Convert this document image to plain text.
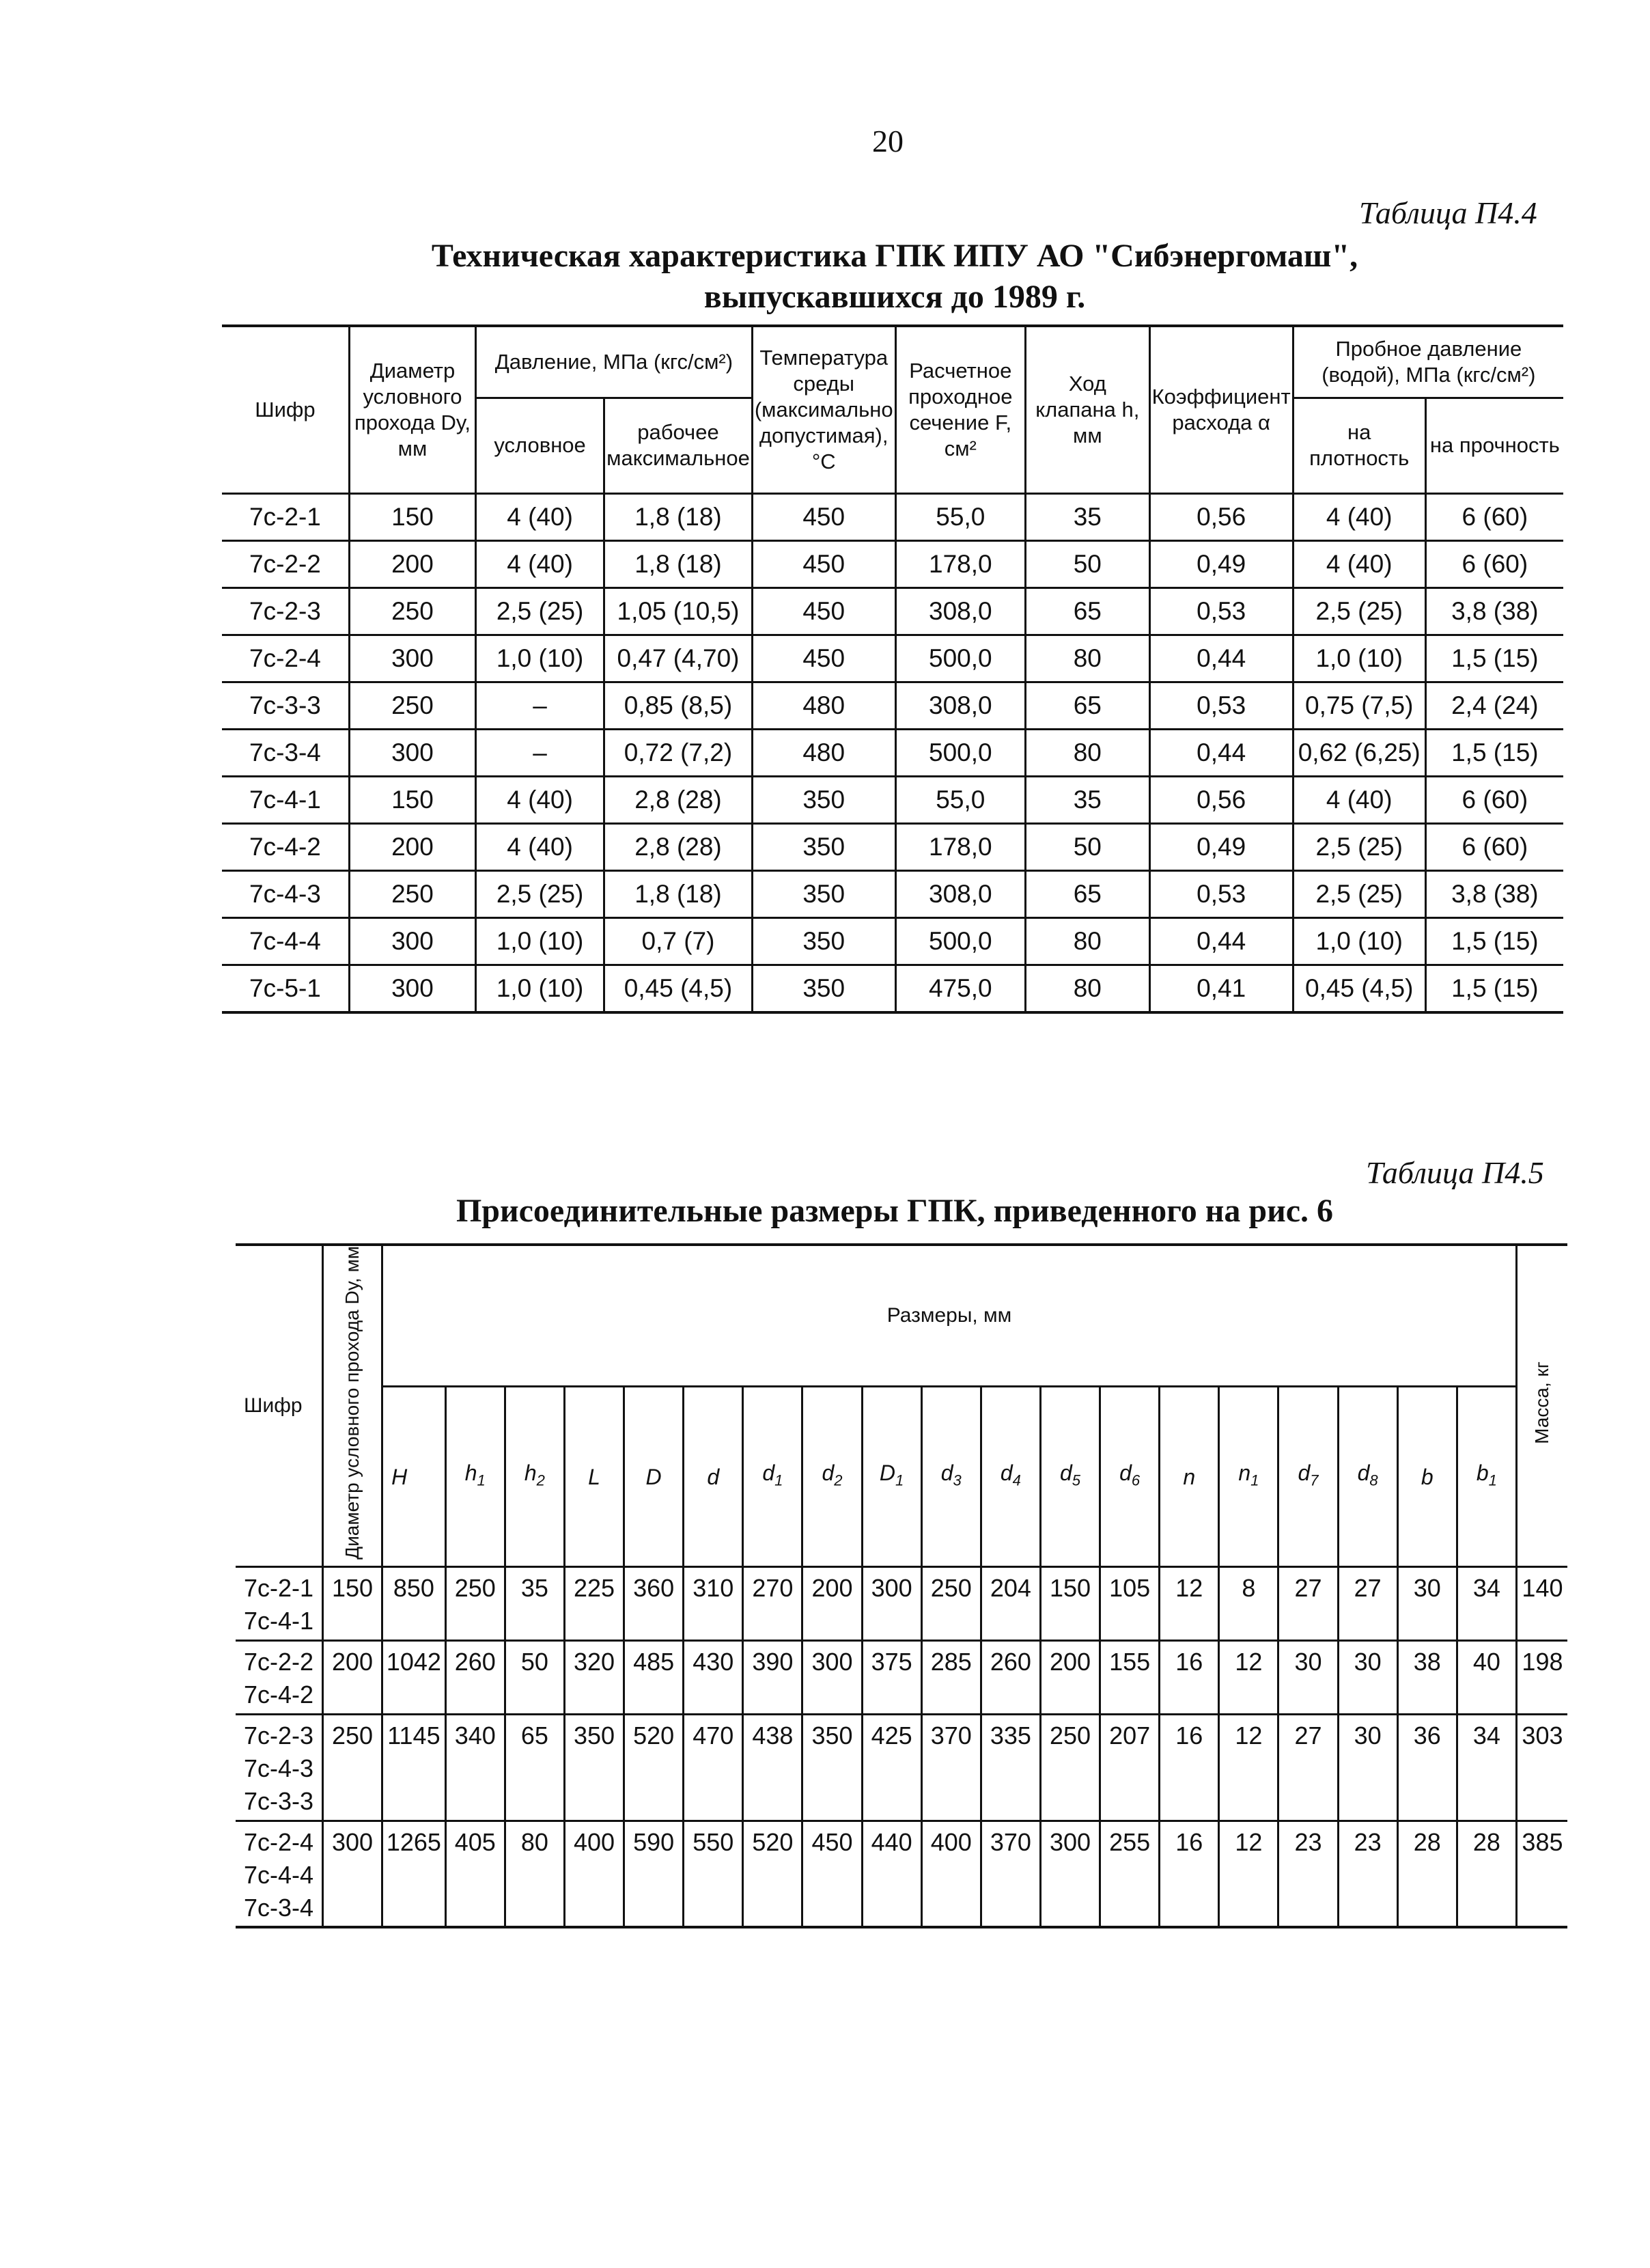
20
Таблица П4.4
Техническая характеристика ГПК ИПУ АО "Сибэнергомаш",
выпускавшихся до 1989 г.
Шифр	Диаметр условного прохода Dу, мм	Давление, МПа (кгс/см²)		Температура среды (максимально допустимая), °С	Расчетное проходное сечение F, см²	Ход клапана h, мм	Коэффициент расхода α	Пробное давление (водой), МПа (кгс/см²)	
		условное	рабочее максимальное					на плотность	на прочность
7с-2-1	150	4 (40)	1,8 (18)	450	55,0	35	0,56	4 (40)	6 (60)
7с-2-2	200	4 (40)	1,8 (18)	450	178,0	50	0,49	4 (40)	6 (60)
7с-2-3	250	2,5 (25)	1,05 (10,5)	450	308,0	65	0,53	2,5 (25)	3,8 (38)
7с-2-4	300	1,0 (10)	0,47 (4,70)	450	500,0	80	0,44	1,0 (10)	1,5 (15)
7с-3-3	250	–	0,85 (8,5)	480	308,0	65	0,53	0,75 (7,5)	2,4 (24)
7с-3-4	300	–	0,72 (7,2)	480	500,0	80	0,44	0,62 (6,25)	1,5 (15)
7с-4-1	150	4 (40)	2,8 (28)	350	55,0	35	0,56	4 (40)	6 (60)
7с-4-2	200	4 (40)	2,8 (28)	350	178,0	50	0,49	2,5 (25)	6 (60)
7с-4-3	250	2,5 (25)	1,8 (18)	350	308,0	65	0,53	2,5 (25)	3,8 (38)
7с-4-4	300	1,0 (10)	0,7 (7)	350	500,0	80	0,44	1,0 (10)	1,5 (15)
7с-5-1	300	1,0 (10)	0,45 (4,5)	350	475,0	80	0,41	0,45 (4,5)	1,5 (15)
Таблица П4.5
Присоединительные размеры ГПК, приведенного на рис. 6
Шифр	Диаметр условного прохода Dу, мм	Размеры, мм																			Масса, кг
		H	$h_1$	$h_2$	L	D	d	$d_1$	$d_2$	$D_1$	$d_3$	$d_4$	$d_5$	$d_6$	n	$n_1$	$d_7$	$d_8$	b	$b_1$
7с-2-1
7с-4-1	150	850	250	35	225	360	310	270	200	300	250	204	150	105	12	8	27	27	30	34	140
7с-2-2
7с-4-2	200	1042	260	50	320	485	430	390	300	375	285	260	200	155	16	12	30	30	38	40	198
7с-2-3
7с-4-3
7с-3-3	250	1145	340	65	350	520	470	438	350	425	370	335	250	207	16	12	27	30	36	34	303
7с-2-4
7с-4-4
7с-3-4	300	1265	405	80	400	590	550	520	450	440	400	370	300	255	16	12	23	23	28	28	385
